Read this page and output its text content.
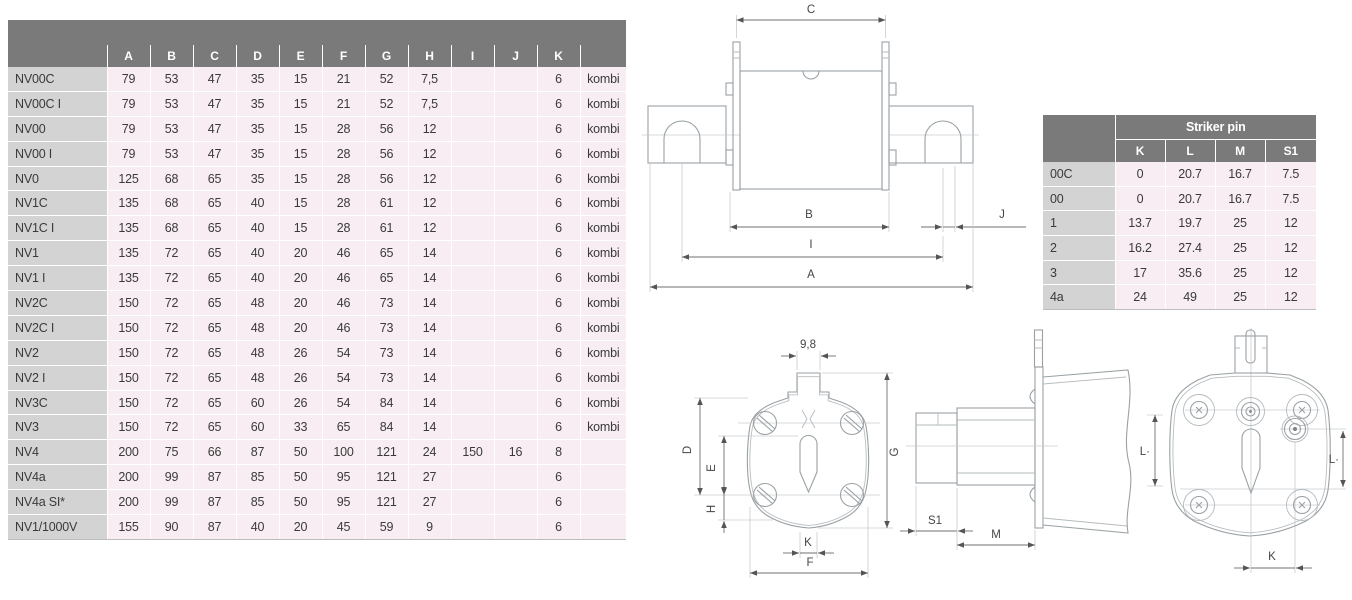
	A	B	C	D	E	F	G	H	I	J	K	
NV00C	79	53	47	35	15	21	52	7,5			6	kombi
NV00C I	79	53	47	35	15	21	52	7,5			6	kombi
NV00	79	53	47	35	15	28	56	12			6	kombi
NV00 I	79	53	47	35	15	28	56	12			6	kombi
NV0	125	68	65	35	15	28	56	12			6	kombi
NV1C	135	68	65	40	15	28	61	12			6	kombi
NV1C I	135	68	65	40	15	28	61	12			6	kombi
NV1	135	72	65	40	20	46	65	14			6	kombi
NV1 I	135	72	65	40	20	46	65	14			6	kombi
NV2C	150	72	65	48	20	46	73	14			6	kombi
NV2C I	150	72	65	48	20	46	73	14			6	kombi
NV2	150	72	65	48	26	54	73	14			6	kombi
NV2 I	150	72	65	48	26	54	73	14			6	kombi
NV3C	150	72	65	60	26	54	84	14			6	kombi
NV3	150	72	65	60	33	65	84	14			6	kombi
NV4	200	75	66	87	50	100	121	24	150	16	8	
NV4a	200	99	87	85	50	95	121	27			6	
NV4a SI*	200	99	87	85	50	95	121	27			6	
NV1/1000V	155	90	87	40	20	45	59	9			6	
	Striker pin			
	K	L	M	S1
00C	0	20.7	16.7	7.5
00	0	20.7	16.7	7.5
1	13.7	19.7	25	12
2	16.2	27.4	25	12
3	17	35.6	25	12
4a	24	49	25	12
C
B	J
I
A
9,8
D
E
H
G
K
F
S1
M
L·
L·
K
